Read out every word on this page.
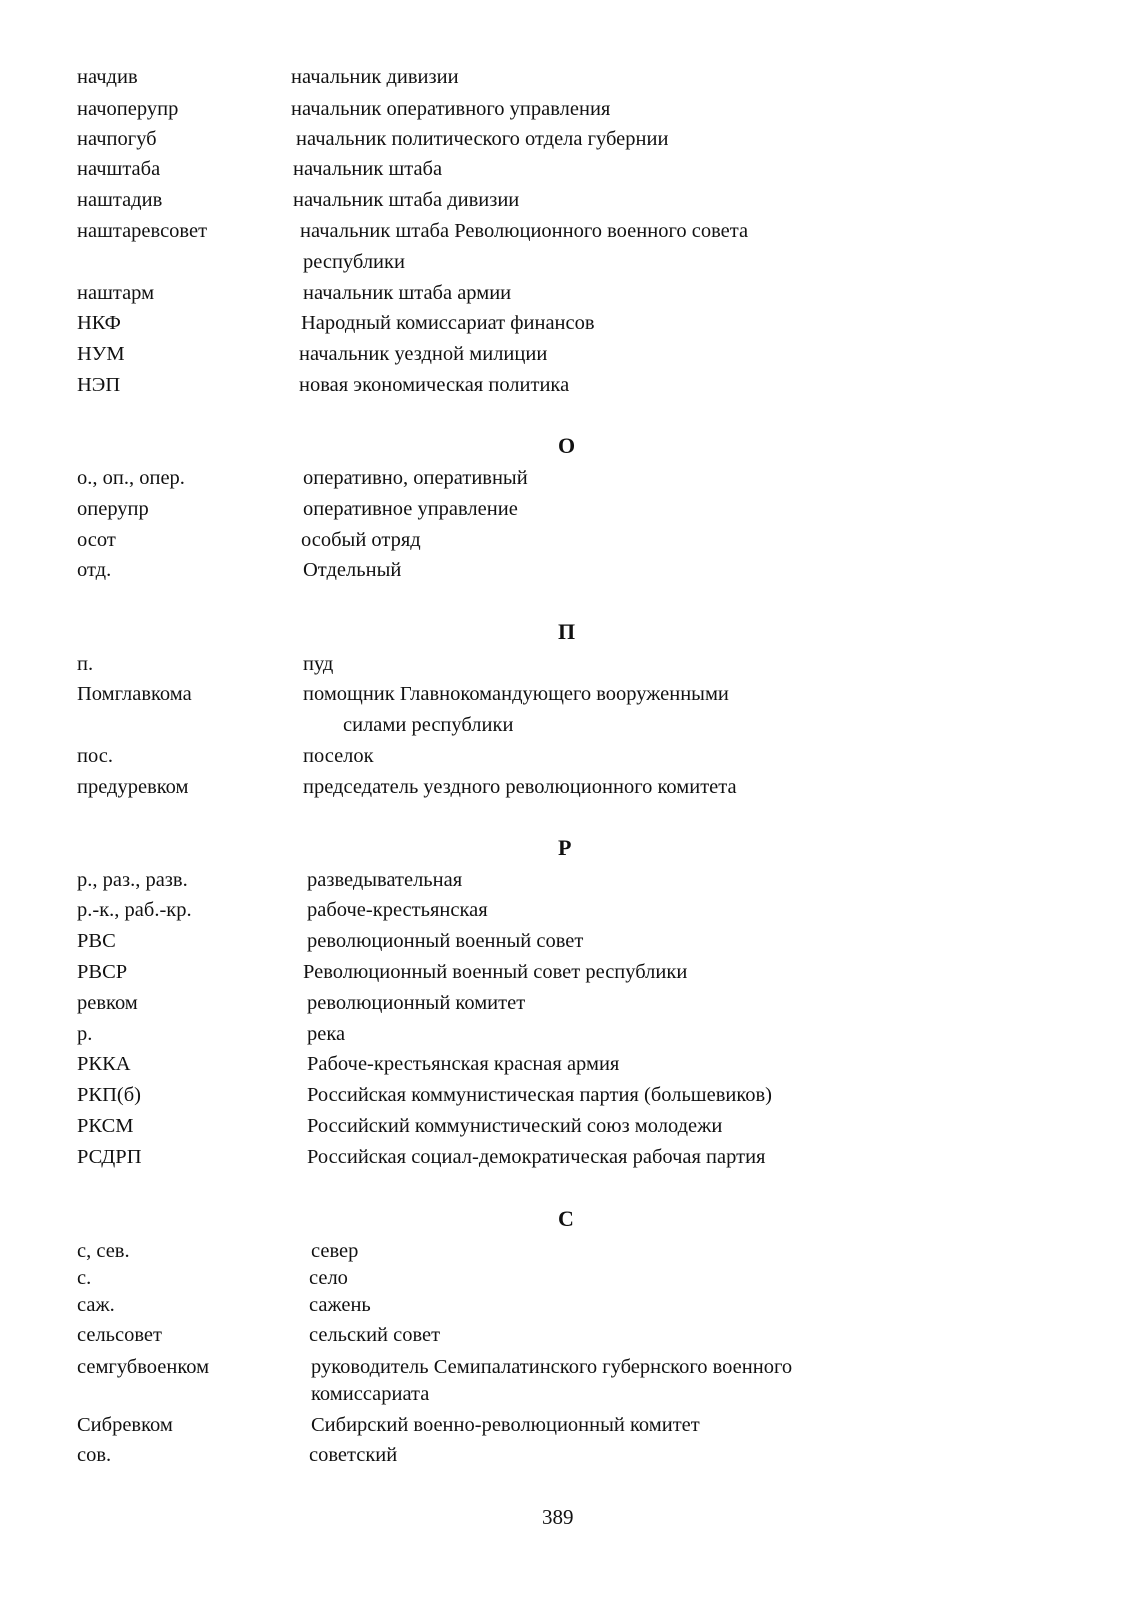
начдив	начальник дивизии
начоперупр	начальник оперативного управления
начпогуб	начальник политического отдела губернии
начштаба	начальник штаба
наштадив	начальник штаба дивизии
наштаревсовет	начальник штаба Революционного военного совета
республики
наштарм	начальник штаба армии
НКФ	Народный комиссариат финансов
НУМ	начальник уездной милиции
НЭП	новая экономическая политика
О
о., оп., опер.	оперативно, оперативный
оперупр	оперативное управление
осот	особый отряд
отд.	Отдельный
П
п.	пуд
Помглавкома	помощник Главнокомандующего вооруженными
силами республики
пос.	поселок
предуревком	председатель уездного революционного комитета
Р
р., раз., разв.	разведывательная
р.-к., раб.-кр.	рабоче-крестьянская
РВС	революционный военный совет
РВСР	Революционный военный совет республики
ревком	революционный комитет
р.	река
РККА	Рабоче-крестьянская красная армия
РКП(б)	Российская коммунистическая партия (большевиков)
РКСМ	Российский коммунистический союз молодежи
РСДРП	Российская социал-демократическая рабочая партия
С
с, сев.	север
с.	село
саж.	сажень
сельсовет	сельский совет
семгубвоенком	руководитель Семипалатинского губернского военного
комиссариата
Сибревком	Сибирский военно-революционный комитет
сов.	советский
389
